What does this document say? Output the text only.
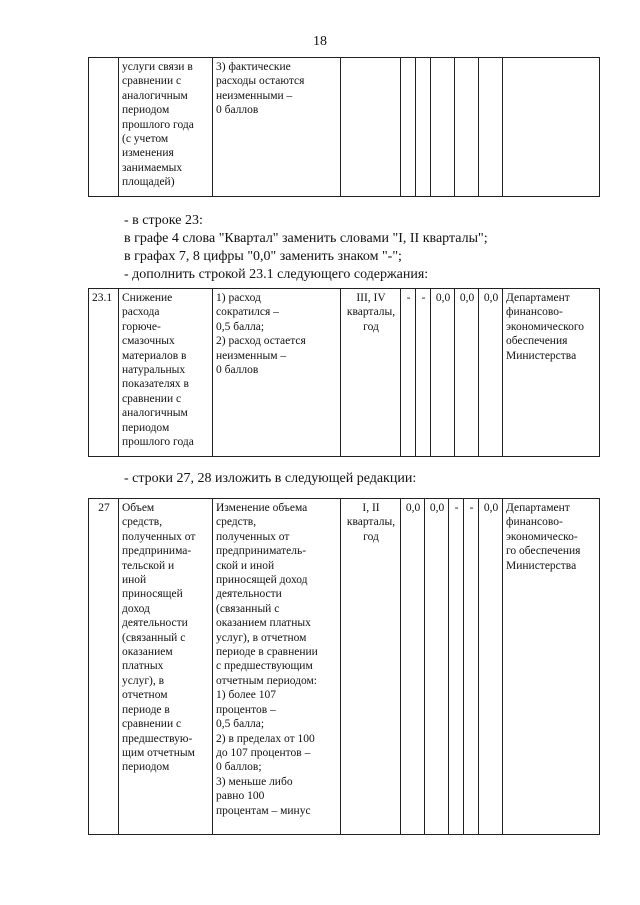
18
	услуги связи в
сравнении с
аналогичным
периодом
прошлого года
(с учетом
изменения
занимаемых
площадей)	3) фактические
расходы остаются
неизменными –
0 баллов							
- в строке 23:
в графе 4 слова "Квартал" заменить словами "I, II кварталы";
в графах 7, 8 цифры "0,0" заменить знаком "-";
- дополнить строкой 23.1 следующего содержания:
23.1	Снижение
расхода
горюче-
смазочных
материалов в
натуральных
показателях в
сравнении с
аналогичным
периодом
прошлого года	1) расход
сократился –
0,5 балла;
2) расход остается
неизменным –
0 баллов	III, IV
кварталы,
год	-	-	0,0	0,0	0,0	Департамент
финансово-
экономического
обеспечения
Министерства
- строки 27, 28 изложить в следующей редакции:
27	Объем
средств,
полученных от
предпринима-
тельской и
иной
приносящей
доход
деятельности
(связанный с
оказанием
платных
услуг), в
отчетном
периоде в
сравнении с
предшествую-
щим отчетным
периодом	Изменение объема
средств,
полученных от
предприниматель-
ской и иной
приносящей доход
деятельности
(связанный с
оказанием платных
услуг), в отчетном
периоде в сравнении
с предшествующим
отчетным периодом:
1) более 107
процентов –
0,5 балла;
2) в пределах от 100
до 107 процентов –
0 баллов;
3) меньше либо
равно 100
процентам – минус	I, II
кварталы,
год	0,0	0,0	-	-	0,0	Департамент
финансово-
экономическо-
го обеспечения
Министерства
